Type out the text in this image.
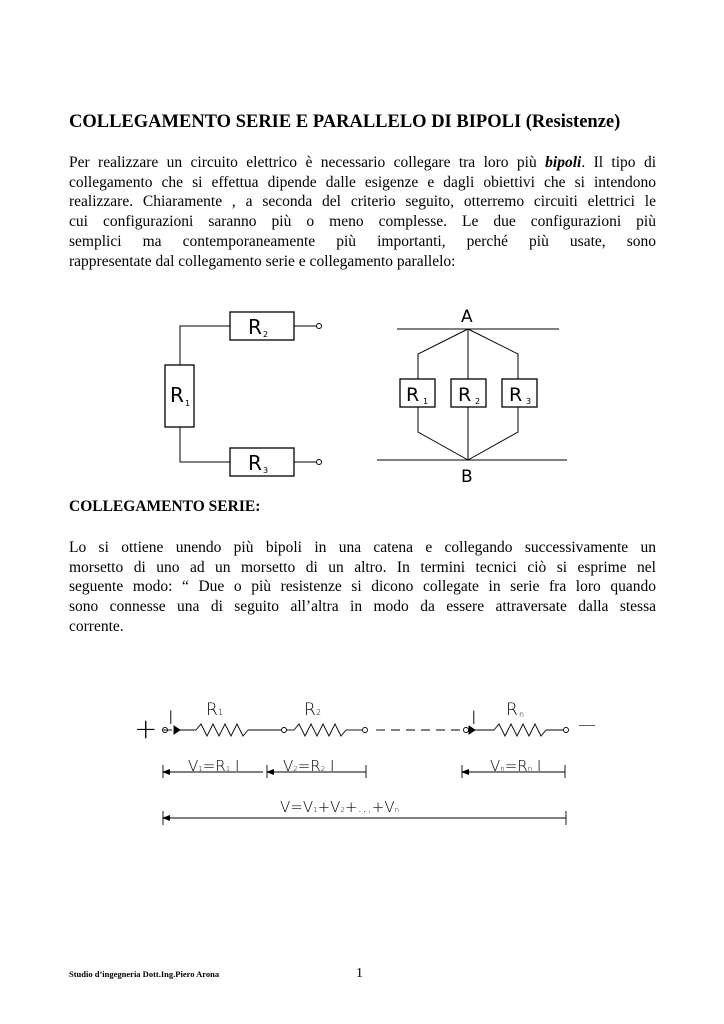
COLLEGAMENTO SERIE E PARALLELO DI BIPOLI (Resistenze)
Per realizzare un circuito elettrico è necessario collegare tra loro più bipoli. Il tipo di
collegamento che si effettua dipende dalle esigenze e dagli obiettivi che si intendono
realizzare. Chiaramente , a seconda del criterio seguito, otterremo circuiti elettrici le
cui configurazioni saranno più o meno complesse. Le due configurazioni più
semplici ma contemporaneamente più importanti, perché più usate, sono
rappresentate dal collegamento serie e collegamento parallelo:
R 2
R 1
R 3
A
B
R 1 R 2 R 3
COLLEGAMENTO SERIE:
Lo si ottiene unendo più bipoli in una catena e collegando successivamente un
morsetto di uno ad un morsetto di un altro. In termini tecnici ciò si esprime nel
seguente modo: “ Due o più resistenze si dicono collegate in serie fra loro quando
sono connesse una di seguito all’altra in modo da essere attraversate dalla stessa
corrente.
+	—
I	I
R 1	R 2	R n
V1=R1 I	V2=R2 I	Vn=Rn I
V=V1+V2+...+Vn
Studio d’ingegneria Dott.Ing.Piero Arona	1
